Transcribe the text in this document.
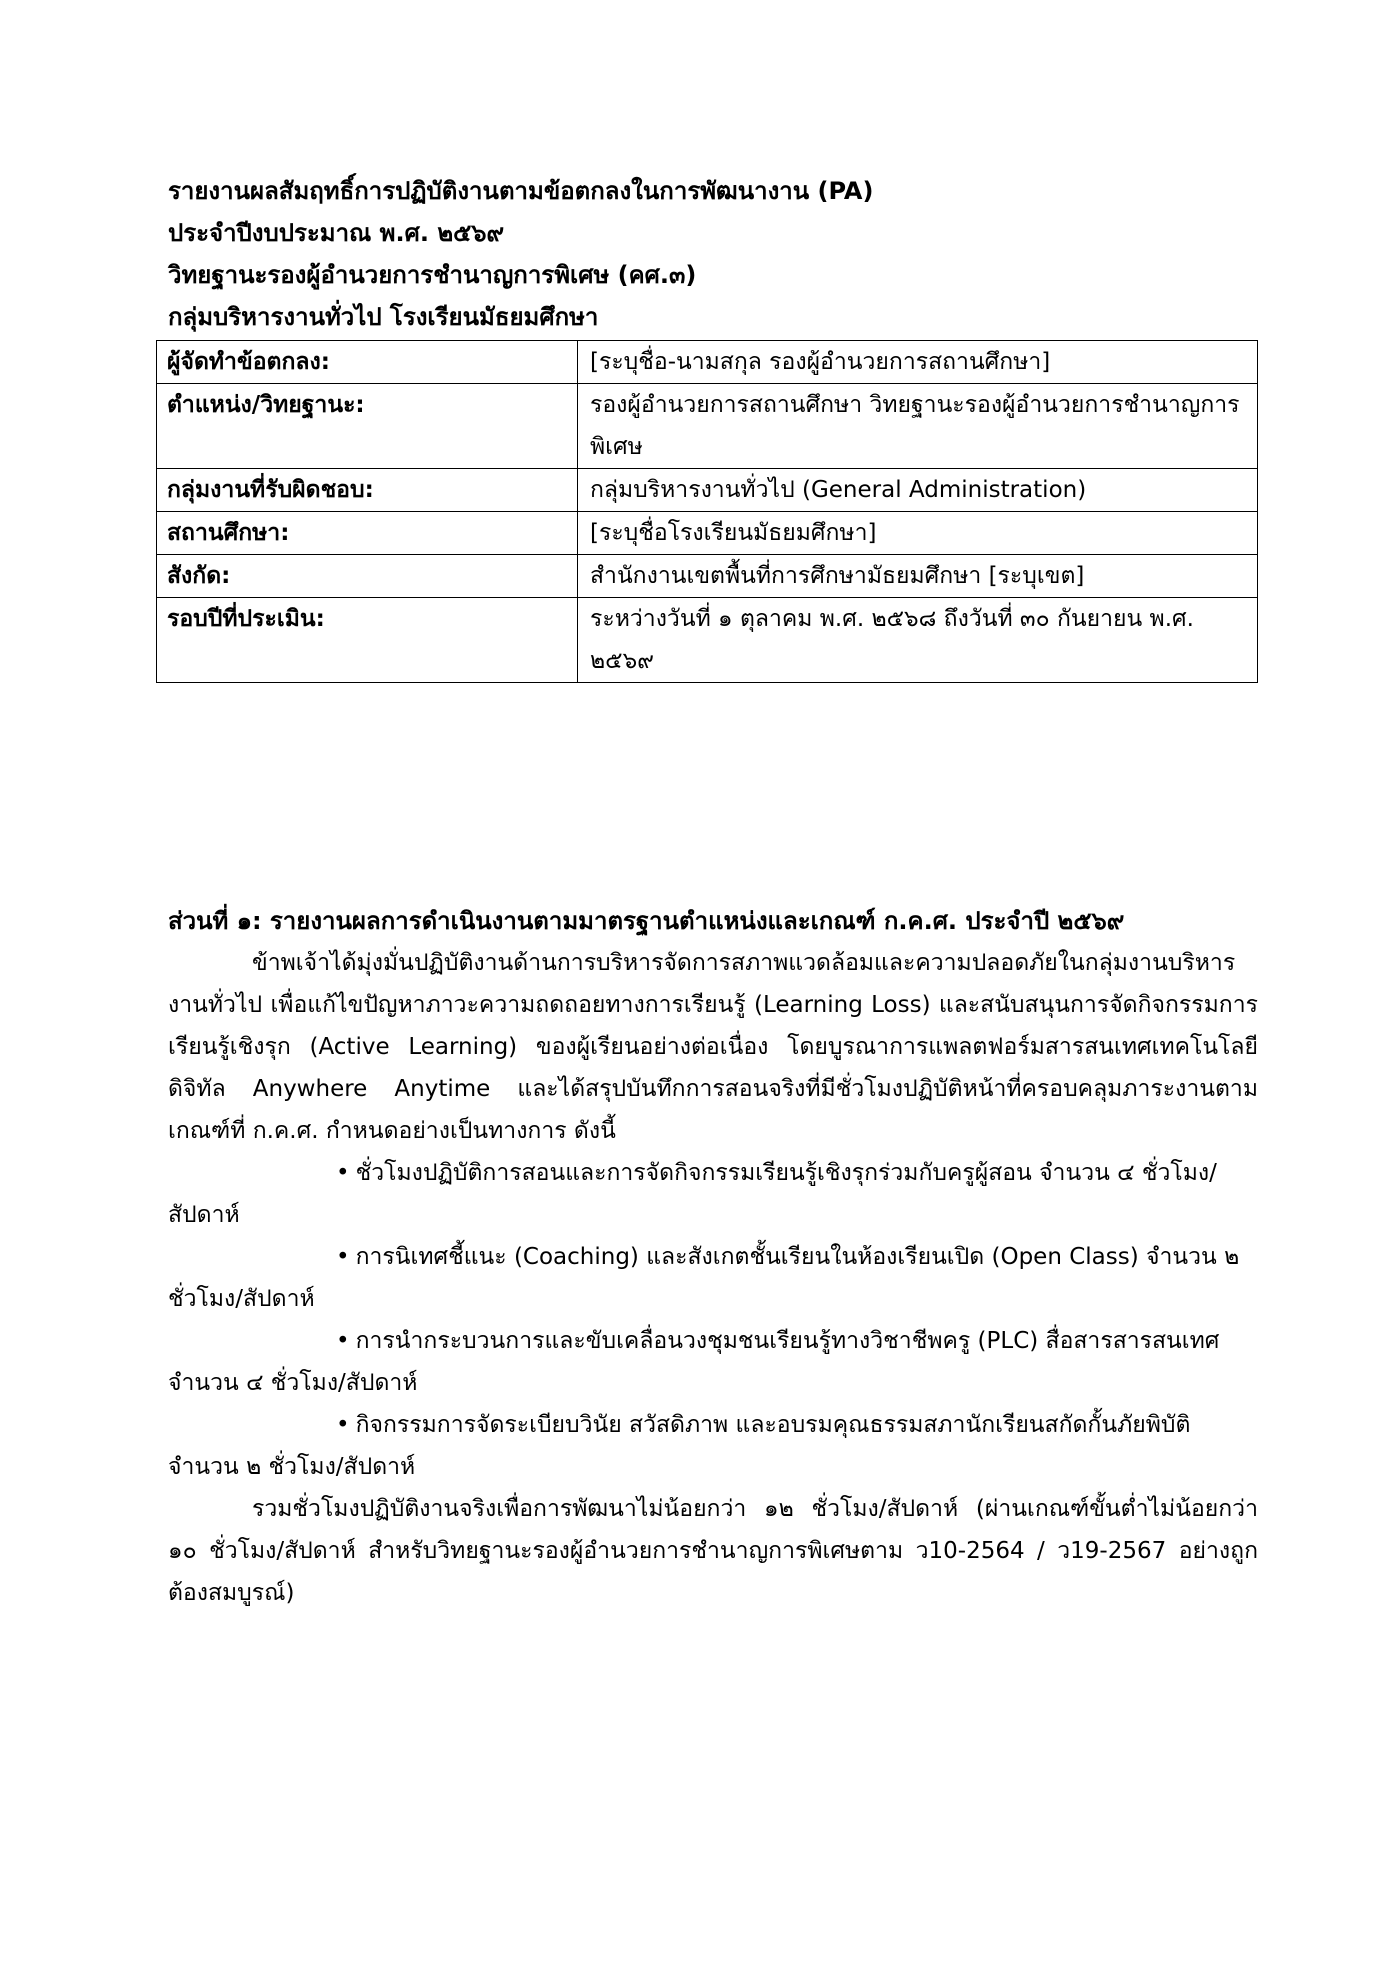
รายงานผลสัมฤทธิ์การปฏิบัติงานตามข้อตกลงในการพัฒนางาน (PA)
ประจำปีงบประมาณ พ.ศ. ๒๕๖๙
วิทยฐานะรองผู้อำนวยการชำนาญการพิเศษ (คศ.๓)
กลุ่มบริหารงานทั่วไป โรงเรียนมัธยมศึกษา
ผู้จัดทำข้อตกลง:	[ระบุชื่อ-นามสกุล รองผู้อำนวยการสถานศึกษา]
ตำแหน่ง/วิทยฐานะ:	รองผู้อำนวยการสถานศึกษา วิทยฐานะรองผู้อำนวยการชำนาญการพิเศษ
กลุ่มงานที่รับผิดชอบ:	กลุ่มบริหารงานทั่วไป (General Administration)
สถานศึกษา:	[ระบุชื่อโรงเรียนมัธยมศึกษา]
สังกัด:	สำนักงานเขตพื้นที่การศึกษามัธยมศึกษา [ระบุเขต]
รอบปีที่ประเมิน:	ระหว่างวันที่ ๑ ตุลาคม พ.ศ. ๒๕๖๘ ถึงวันที่ ๓๐ กันยายน พ.ศ. ๒๕๖๙
ส่วนที่ ๑: รายงานผลการดำเนินงานตามมาตรฐานตำแหน่งและเกณฑ์ ก.ค.ศ. ประจำปี ๒๕๖๙

ข้าพเจ้าได้มุ่งมั่นปฏิบัติงานด้านการบริหารจัดการสภาพแวดล้อมและความปลอดภัยในกลุ่มงานบริหารงานทั่วไป เพื่อแก้ไขปัญหาภาวะความถดถอยทางการเรียนรู้ (Learning Loss) และสนับสนุนการจัดกิจกรรมการเรียนรู้เชิงรุก (Active Learning) ของผู้เรียนอย่างต่อเนื่อง โดยบูรณาการแพลตฟอร์มสารสนเทศเทคโนโลยีดิจิทัล Anywhere Anytime และได้สรุปบันทึกการสอนจริงที่มีชั่วโมงปฏิบัติหน้าที่ครอบคลุมภาระงานตามเกณฑ์ที่ ก.ค.ศ. กำหนดอย่างเป็นทางการ ดังนี้

• ชั่วโมงปฏิบัติการสอนและการจัดกิจกรรมเรียนรู้เชิงรุกร่วมกับครูผู้สอน จำนวน ๔ ชั่วโมง/สัปดาห์

• การนิเทศชี้แนะ (Coaching) และสังเกตชั้นเรียนในห้องเรียนเปิด (Open Class) จำนวน ๒ ชั่วโมง/สัปดาห์

• การนำกระบวนการและขับเคลื่อนวงชุมชนเรียนรู้ทางวิชาชีพครู (PLC) สื่อสารสารสนเทศ จำนวน ๔ ชั่วโมง/สัปดาห์

• กิจกรรมการจัดระเบียบวินัย สวัสดิภาพ และอบรมคุณธรรมสภานักเรียนสกัดกั้นภัยพิบัติ จำนวน ๒ ชั่วโมง/สัปดาห์

รวมชั่วโมงปฏิบัติงานจริงเพื่อการพัฒนาไม่น้อยกว่า ๑๒ ชั่วโมง/สัปดาห์ (ผ่านเกณฑ์ขั้นต่ำไม่น้อยกว่า ๑๐ ชั่วโมง/สัปดาห์ สำหรับวิทยฐานะรองผู้อำนวยการชำนาญการพิเศษตาม ว10-2564 / ว19-2567 อย่างถูกต้องสมบูรณ์)
